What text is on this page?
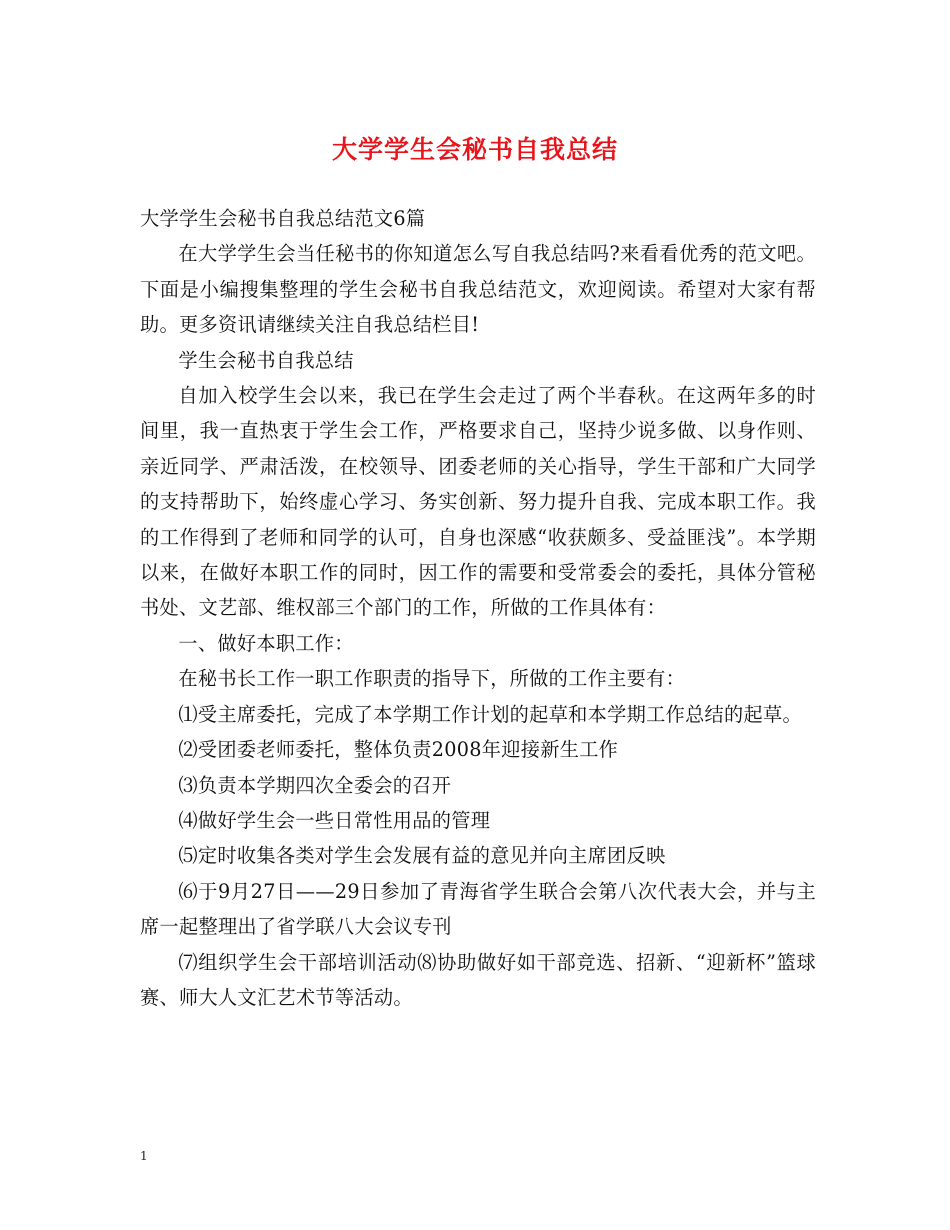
大学学生会秘书自我总结

大学学生会秘书自我总结范文6篇

在大学学生会当任秘书的你知道怎么写自我总结吗?来看看优秀的范文吧。下面是小编搜集整理的学生会秘书自我总结范文，欢迎阅读。希望对大家有帮助。更多资讯请继续关注自我总结栏目!

学生会秘书自我总结

自加入校学生会以来，我已在学生会走过了两个半春秋。在这两年多的时间里，我一直热衷于学生会工作，严格要求自己，坚持少说多做、以身作则、亲近同学、严肃活泼，在校领导、团委老师的关心指导，学生干部和广大同学的支持帮助下，始终虚心学习、务实创新、努力提升自我、完成本职工作。我的工作得到了老师和同学的认可，自身也深感“收获颇多、受益匪浅”。本学期以来，在做好本职工作的同时，因工作的需要和受常委会的委托，具体分管秘书处、文艺部、维权部三个部门的工作，所做的工作具体有：

一、做好本职工作：

在秘书长工作一职工作职责的指导下，所做的工作主要有：

⑴受主席委托，完成了本学期工作计划的起草和本学期工作总结的起草。

⑵受团委老师委托，整体负责2008年迎接新生工作

⑶负责本学期四次全委会的召开

⑷做好学生会一些日常性用品的管理

⑸定时收集各类对学生会发展有益的意见并向主席团反映

⑹于9月27日——29日参加了青海省学生联合会第八次代表大会，并与主席一起整理出了省学联八大会议专刊

⑺组织学生会干部培训活动⑻协助做好如干部竞选、招新、“迎新杯”篮球赛、师大人文汇艺术节等活动。

1
